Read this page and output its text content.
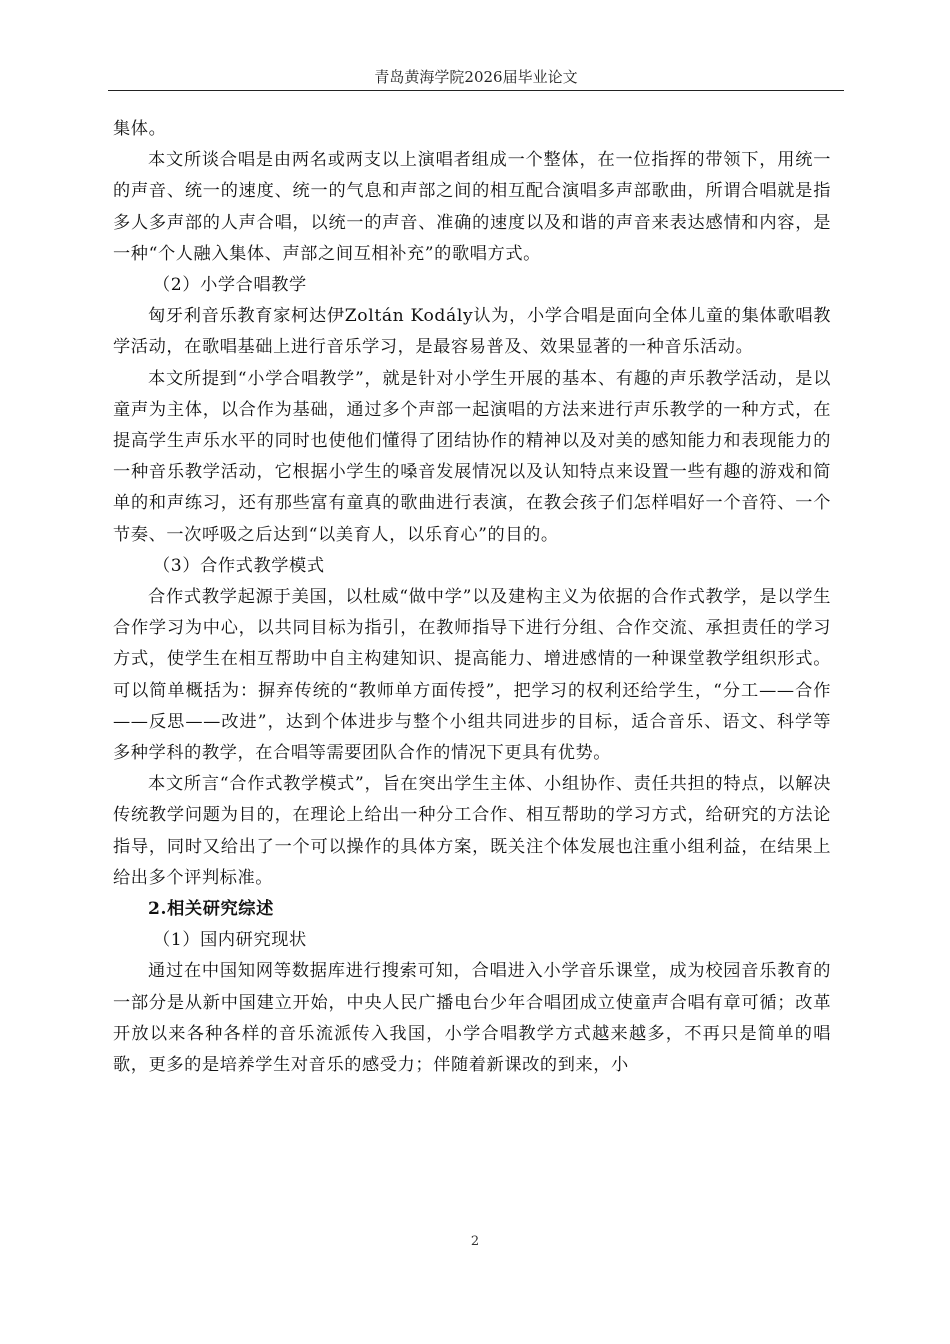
青岛黄海学院2026届毕业论文

集体。

本文所谈合唱是由两名或两支以上演唱者组成一个整体，在一位指挥的带领下，用统一的声音、统一的速度、统一的气息和声部之间的相互配合演唱多声部歌曲，所谓合唱就是指多人多声部的人声合唱，以统一的声音、准确的速度以及和谐的声音来表达感情和内容，是一种“个人融入集体、声部之间互相补充”的歌唱方式。

（2）小学合唱教学

匈牙利音乐教育家柯达伊Zoltán Kodály认为，小学合唱是面向全体儿童的集体歌唱教学活动，在歌唱基础上进行音乐学习，是最容易普及、效果显著的一种音乐活动。

本文所提到“小学合唱教学”，就是针对小学生开展的基本、有趣的声乐教学活动，是以童声为主体，以合作为基础，通过多个声部一起演唱的方法来进行声乐教学的一种方式，在提高学生声乐水平的同时也使他们懂得了团结协作的精神以及对美的感知能力和表现能力的一种音乐教学活动，它根据小学生的嗓音发展情况以及认知特点来设置一些有趣的游戏和简单的和声练习，还有那些富有童真的歌曲进行表演，在教会孩子们怎样唱好一个音符、一个节奏、一次呼吸之后达到“以美育人，以乐育心”的目的。

（3）合作式教学模式

合作式教学起源于美国，以杜威“做中学”以及建构主义为依据的合作式教学，是以学生合作学习为中心，以共同目标为指引，在教师指导下进行分组、合作交流、承担责任的学习方式，使学生在相互帮助中自主构建知识、提高能力、增进感情的一种课堂教学组织形式。可以简单概括为：摒弃传统的“教师单方面传授”，把学习的权利还给学生，“分工——合作——反思——改进”，达到个体进步与整个小组共同进步的目标，适合音乐、语文、科学等多种学科的教学，在合唱等需要团队合作的情况下更具有优势。

本文所言“合作式教学模式”，旨在突出学生主体、小组协作、责任共担的特点，以解决传统教学问题为目的，在理论上给出一种分工合作、相互帮助的学习方式，给研究的方法论指导，同时又给出了一个可以操作的具体方案，既关注个体发展也注重小组利益，在结果上给出多个评判标准。

2.相关研究综述

（1）国内研究现状

通过在中国知网等数据库进行搜索可知，合唱进入小学音乐课堂，成为校园音乐教育的一部分是从新中国建立开始，中央人民广播电台少年合唱团成立使童声合唱有章可循；改革开放以来各种各样的音乐流派传入我国，小学合唱教学方式越来越多，不再只是简单的唱歌，更多的是培养学生对音乐的感受力；伴随着新课改的到来，小

2
